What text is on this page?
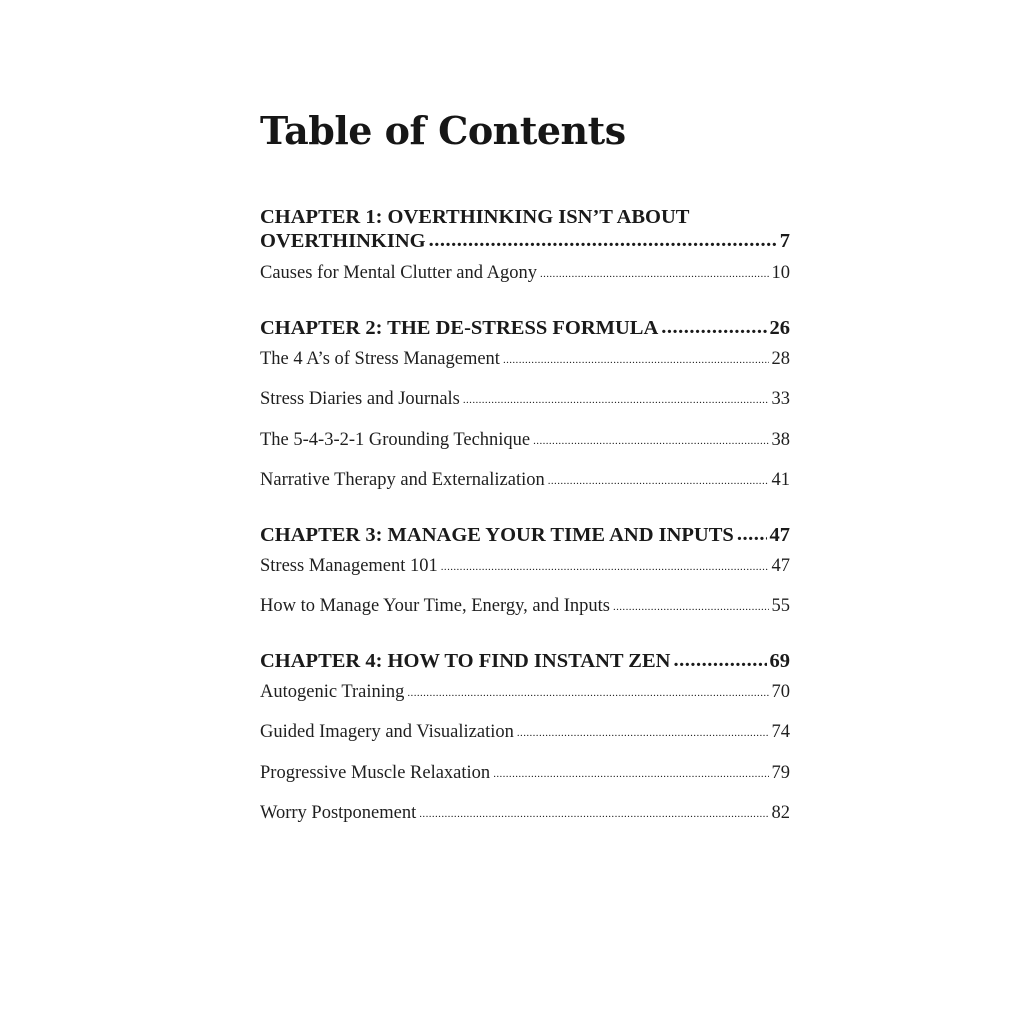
Table of Contents
CHAPTER 1: OVERTHINKING ISN’T ABOUT
OVERTHINKING .....	7
Causes for Mental Clutter and Agony .....	10
CHAPTER 2: THE DE-STRESS FORMULA .....	26
The 4 A’s of Stress Management .....	28
Stress Diaries and Journals .....	33
The 5-4-3-2-1 Grounding Technique .....	38
Narrative Therapy and Externalization .....	41
CHAPTER 3: MANAGE YOUR TIME AND INPUTS ..... 47
Stress Management 101 .....	47
How to Manage Your Time, Energy, and Inputs .....	55
CHAPTER 4: HOW TO FIND INSTANT ZEN .....	69
Autogenic Training .....	70
Guided Imagery and Visualization .....	74
Progressive Muscle Relaxation .....	79
Worry Postponement .....	82
